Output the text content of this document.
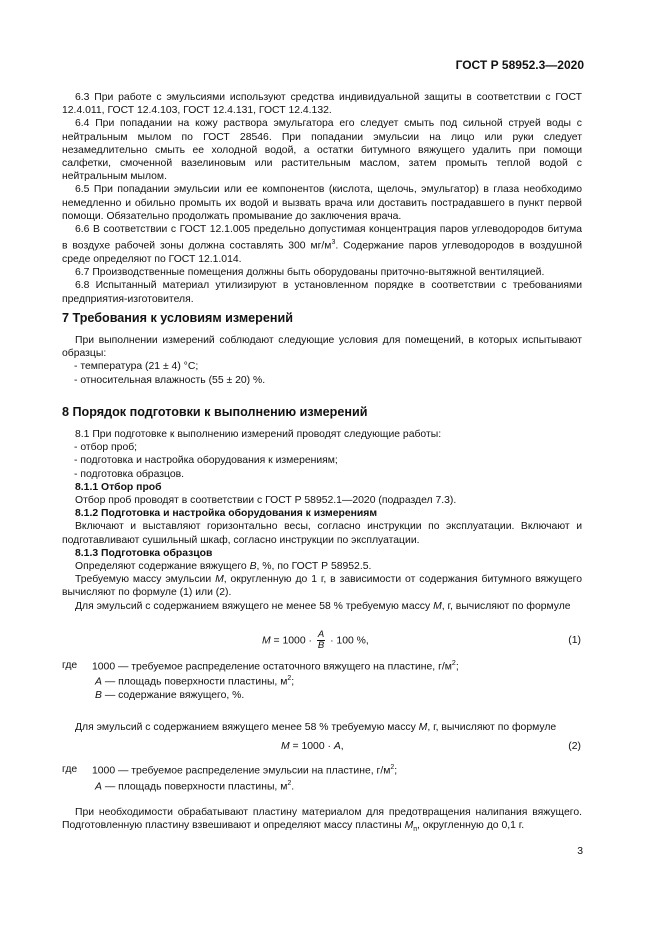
ГОСТ Р 58952.3—2020

6.3 При работе с эмульсиями используют средства индивидуальной защиты в соответствии с ГОСТ 12.4.011, ГОСТ 12.4.103, ГОСТ 12.4.131, ГОСТ 12.4.132.

6.4 При попадании на кожу раствора эмульгатора его следует смыть под сильной струей воды с нейтральным мылом по ГОСТ 28546. При попадании эмульсии на лицо или руки следует незамедлительно смыть ее холодной водой, а остатки битумного вяжущего удалить при помощи салфетки, смоченной вазелиновым или растительным маслом, затем промыть теплой водой с нейтральным мылом.

6.5 При попадании эмульсии или ее компонентов (кислота, щелочь, эмульгатор) в глаза необходимо немедленно и обильно промыть их водой и вызвать врача или доставить пострадавшего в пункт первой помощи. Обязательно продолжать промывание до заключения врача.

6.6 В соответствии с ГОСТ 12.1.005 предельно допустимая концентрация паров углеводородов битума в воздухе рабочей зоны должна составлять 300 $мг/м^3$. Содержание паров углеводородов в воздушной среде определяют по ГОСТ 12.1.014.

6.7 Производственные помещения должны быть оборудованы приточно-вытяжной вентиляцией.

6.8 Испытанный материал утилизируют в установленном порядке в соответствии с требованиями предприятия-изготовителя.

7 Требования к условиям измерений

При выполнении измерений соблюдают следующие условия для помещений, в которых испытывают образцы:

- температура (21 ± 4) °С;

- относительная влажность (55 ± 20) %.

8 Порядок подготовки к выполнению измерений

8.1 При подготовке к выполнению измерений проводят следующие работы:

- отбор проб;

- подготовка и настройка оборудования к измерениям;

- подготовка образцов.

8.1.1 Отбор проб

Отбор проб проводят в соответствии с ГОСТ Р 58952.1—2020 (подраздел 7.3).

8.1.2 Подготовка и настройка оборудования к измерениям

Включают и выставляют горизонтально весы, согласно инструкции по эксплуатации. Включают и подготавливают сушильный шкаф, согласно инструкции по эксплуатации.

8.1.3 Подготовка образцов

Определяют содержание вяжущего В, %, по ГОСТ Р 58952.5.

Требуемую массу эмульсии М, округленную до 1 г, в зависимости от содержания битумного вяжущего вычисляют по формуле (1) или (2).

Для эмульсий с содержанием вяжущего не менее 58 % требуемую массу М, г, вычисляют по формуле

$М = 1000 \cdot \frac{А}{В} \cdot 100$ %,	(1)
где 1000 — требуемое распределение остаточного вяжущего на пластине, $г/м^2$;
А — площадь поверхности пластины, $м^2$;
В — содержание вяжущего, %.

Для эмульсий с содержанием вяжущего менее 58 % требуемую массу М, г, вычисляют по формуле

М = 1000 · А,	(2)
где 1000 — требуемое распределение эмульсии на пластине, $г/м^2$;
А — площадь поверхности пластины, $м^2$.

При необходимости обрабатывают пластину материалом для предотвращения налипания вяжущего. Подготовленную пластину взвешивают и определяют массу пластины $М_п$, округленную до 0,1 г.

3
